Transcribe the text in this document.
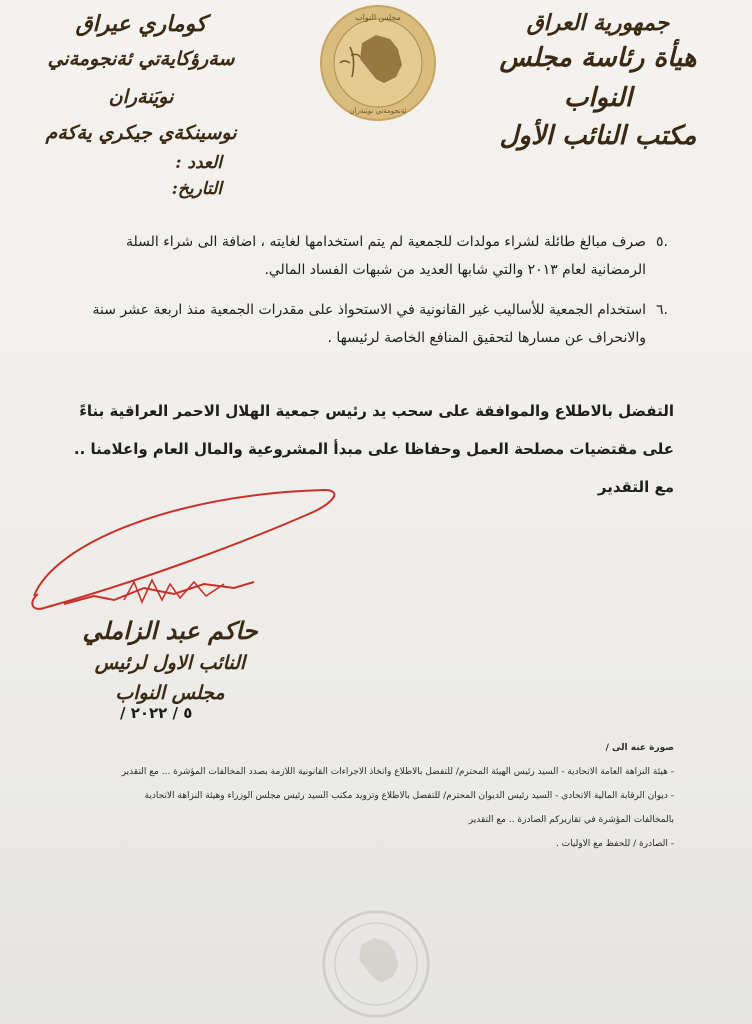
جمهورية العراق
هيأة رئاسة مجلس النواب
مكتب النائب الأول
مجلس النواب
ئةنجومةني نويَنةران
كوماري عيراق
سةرؤكايةتي ئةنجومةني نويَنةران
نوسينكةي جيكري يةكةم
العدد :
التاريخ:
٥.
صرف مبالغ طائلة لشراء مولدات للجمعية لم يتم استخدامها لغايته ، اضافة الى شراء السلة الرمضانية لعام ٢٠١٣ والتي شابها العديد من شبهات الفساد المالي.
٦.
استخدام الجمعية للأساليب غير القانونية في الاستحواذ على مقدرات الجمعية منذ اربعة عشر سنة والانحراف عن مسارها لتحقيق المنافع الخاصة لرئيسها .
التفضل بالاطلاع والموافقة على سحب يد رئيس جمعية الهلال الاحمر العراقية بناءً على مقتضيات مصلحة العمل وحفاظا على مبدأ المشروعية والمال العام واعلامنا .. مع التقدير
حاكم عبد الزاملي
النائب الاول لرئيس مجلس النواب
/ ٥ / ٢٠٢٢
صورة عنه الى /
- هيئة النزاهة العامة الاتحادية - السيد رئيس الهيئة المحترم/ للتفضل بالاطلاع واتخاذ الاجراءات القانونية اللازمة بصدد المخالفات المؤشرة ... مع التقدير
- ديوان الرقابة المالية الاتحادي - السيد رئيس الديوان المحترم/ للتفضل بالاطلاع وتزويد مكتب السيد رئيس مجلس الوزراء وهيئة النزاهة الاتحادية
بالمخالفات المؤشرة في تقاريركم الصادرة .. مع التقدير
- الصادرة / للحفظ مع الاوليات .
